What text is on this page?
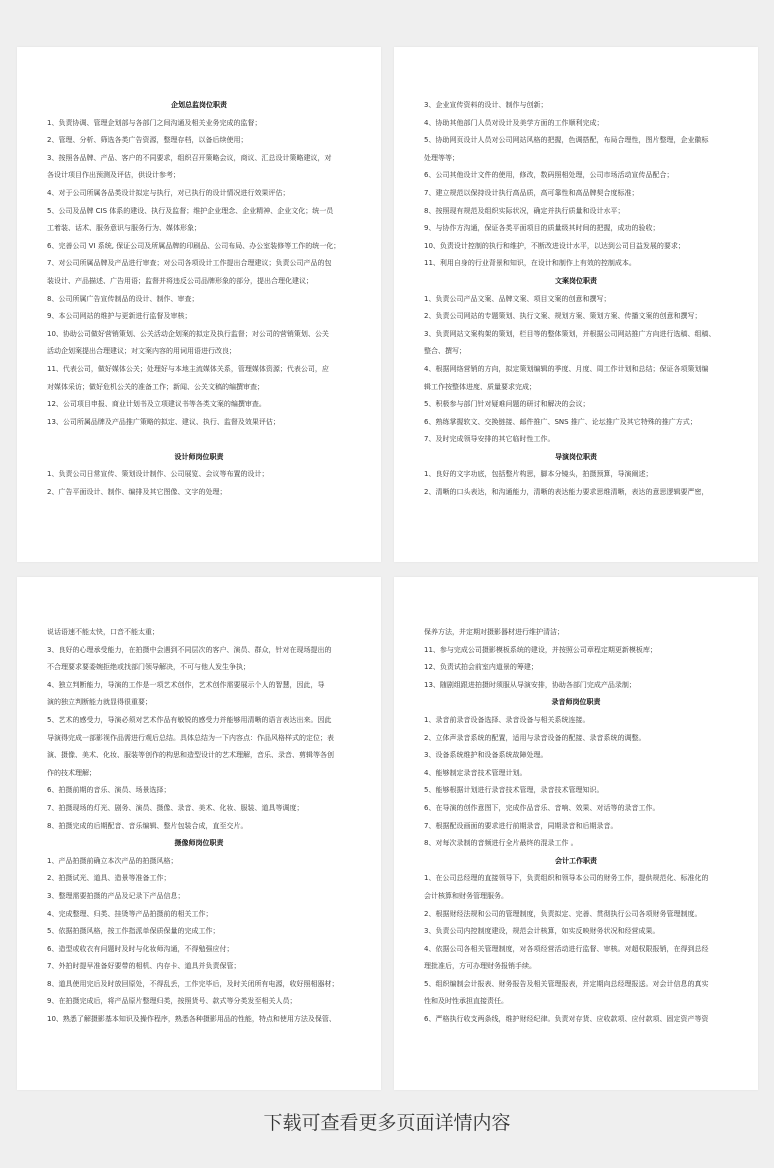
企划总监岗位职责
1、负责协调、管理企划部与各部门之间沟通及相关业务完成的监督；
2、管理、分析、筛选各类广告资源，整理存档，以备后续使用；
3、按照各品牌、产品、客户的不同要求，组织召开策略会议，商议、汇总设计策略建议，对
各设计项目作出预测及评估，供设计参考；
4、对于公司所属各品类设计拟定与执行，对已执行的设计情况进行效果评估；
5、公司及品牌 CIS 体系的建设、执行及监督；维护企业理念、企业精神、企业文化；统一员
工着装、话术、服务意识与服务行为、媒体形象；
6、完善公司 VI 系统, 保证公司及所属品牌的印刷品、公司布局、办公室装修等工作的统一化；
7、对公司所属品牌及产品进行审查；对公司各项设计工作提出合理建议；负责公司产品的包
装设计、产品描述、广告用语；监督并将违反公司品牌形象的部分，提出合理化建议；
8、公司所属广告宣传制品的设计、制作、审查；
9、本公司网站的维护与更新进行监督及审核；
10、协助公司做好营销策划、公关活动企划案的拟定及执行监督；对公司的营销策划、公关
活动企划案提出合理建议；对文案内容的用词用语进行改良；
11、代表公司，做好媒体公关；处理好与本地主流媒体关系，管理媒体资源；代表公司，应
对媒体采访；做好危机公关的准备工作；新闻、公关文稿的编撰审查；
12、公司项目申报、商业计划书及立项建议书等各类文案的编撰审查。
13、公司所属品牌及产品推广策略的拟定、建议、执行、监督及效果评估；
设计师岗位职责
1、负责公司日常宣传、策划设计制作、公司展览、会议等布置的设计；
2、广告平面设计、制作、编排及其它图像、文字的处理；
3、企业宣传资料的设计、制作与创新；
4、协助其他部门人员对设计及美学方面的工作顺利完成；
5、协助网页设计人员对公司网站风格的把握，色调搭配，布局合理性，图片整理，企业徽标
处理等等；
6、公司其他设计文件的使用，修改，数码照相处理，公司市场活动宣传品配合；
7、建立规范以保持设计执行高品质，高可靠性和高品牌契合度标准；
8、按照现有规范及组织实际状况，确定并执行质量和设计水平；
9、与协作方沟通，保证各类平面项目的质量级其时间的把握，成功的验收；
10、负责设计控制的执行和维护，不断改进设计水平，以达到公司目益发展的要求；
11、利用自身的行业背景和知识，在设计和制作上有效的控制成本。
文案岗位职责
1、负责公司产品文案、品牌文案、项目文案的创意和撰写；
2、负责公司网站的专题策划、执行文案、规划方案、策划方案、传播文案的创意和撰写；
3、负责网站文案构架的策划，栏目等的整体策划，并根据公司网站推广方向进行选稿、组稿、
整合、撰写；
4、根据网络营销的方向，拟定策划编辑的季度、月度、周工作计划和总结；保证各项策划编
辑工作按整体进度、质量要求完成；
5、积极参与部门针对疑难问题的研讨和解决的会议；
6、熟练掌握软文、交换链接、邮件推广、SNS 推广、论坛推广及其它特殊的推广方式；
7、及时完成领导安排的其它临时性工作。
导演岗位职责
1、良好的文字功底，包括整片构思，脚本分镜头，拍摄预算，导演阐述；
2、清晰的口头表达，和沟通能力，清晰的表达能力要求思维清晰，表达的意思逻辑要严密，
说话语速不能太快，口音不能太重；
3、良好的心理承受能力，在拍摄中会遇到不同层次的客户、演员、群众，针对在现场提出的
不合理要求要委婉拒绝或找部门领导解决，不可与他人发生争执；
4、独立判断能力，导演的工作是一项艺术创作，艺术创作需要展示个人的智慧，因此，导
演的独立判断能力就显得很重要；
5、艺术的感受力，导演必须对艺术作品有敏锐的感受力并能够用清晰的语言表达出来。因此
导演得完成一部影视作品需进行观后总结。具体总结为一下内容点：作品风格样式的定位；表
演、摄像、美术、化妆、服装等创作的构思和造型设计的艺术理解，音乐、录音、剪辑等各创
作的技术理解；
6、拍摄前期的音乐、演员、场景选择；
7、拍摄现场的灯光、剧务、演员、摄像、录音、美术、化妆、服装、道具等调度；
8、拍摄完成的后期配音、音乐编辑、整片包装合成，直至交片。
摄像师岗位职责
1、产品拍摄前确立本次产品的拍摄风格；
2、拍摄试光、道具、造景等准备工作；
3、整理需要拍摄的产品及记录下产品信息；
4、完成整理、归类、挂烫等产品拍摄前的相关工作；
5、依据拍摄风格，按工作指派单保质保量的完成工作；
6、造型或收衣有问题时及时与化妆师沟通，不得勉强应付；
7、外拍时提早准备好要带的相机、内存卡、道具并负责保管；
8、道具使用完后及时放回原处，不得乱丢，工作完毕后，及时关闭所有电源，收好照相器材；
9、在拍摄完成后，将产品原片整理归类，按照货号、款式等分类发至相关人员；
10、熟悉了解摄影基本知识及操作程序，熟悉各种摄影用品的性能，特点和使用方法及保管、
保养方法，并定期对摄影器材进行维护清洁；
11、参与完成公司摄影模板系统的建设，并按照公司章程定期更新模板库；
12、负责试拍会前室内道景的筹建；
13、随剧组跟进拍摄时须服从导演安排，协助各部门完成产品录制；
录音师岗位职责
1、录音前录音设备选择、录音设备与相关系统连接。
2、立体声录音系统的配置，适用与录音设备的配接、录音系统的调整。
3、设备系统维护和设备系统故障处理。
4、能够制定录音技术管理计划。
5、能够根据计划进行录音技术管理，录音技术管理知识。
6、在导演的创作意图下，完成作品音乐、音响、效果、对话等的录音工作。
7、根据配设画面的要求进行前期录音，同期录音和后期录音。
8、对每次录制的音频进行全片最终的混录工作 。
会计工作职责
1、在公司总经理的直接领导下，负责组织和领导本公司的财务工作，提供规范化、标准化的
会计核算和财务管理服务。
2、根据财经法规和公司的管理制度，负责拟定、完善、贯彻执行公司各项财务管理制度。
3、负责公司内控制度建设，规范会计核算，如实反映财务状况和经营成果。
4、依据公司各相关管理制度，对各项经营活动进行监督、审核。对超权限报销，在得到总经
理批准后，方可办理财务报销手续。
5、组织编制会计报表、财务报告及相关管理报表，并定期向总经理报送。对会计信息的真实
性和及时性承担直接责任。
6、严格执行收支两条线，维护财经纪律。负责对存货、应收款项、应付款项、固定资产等资
下载可查看更多页面详情内容
